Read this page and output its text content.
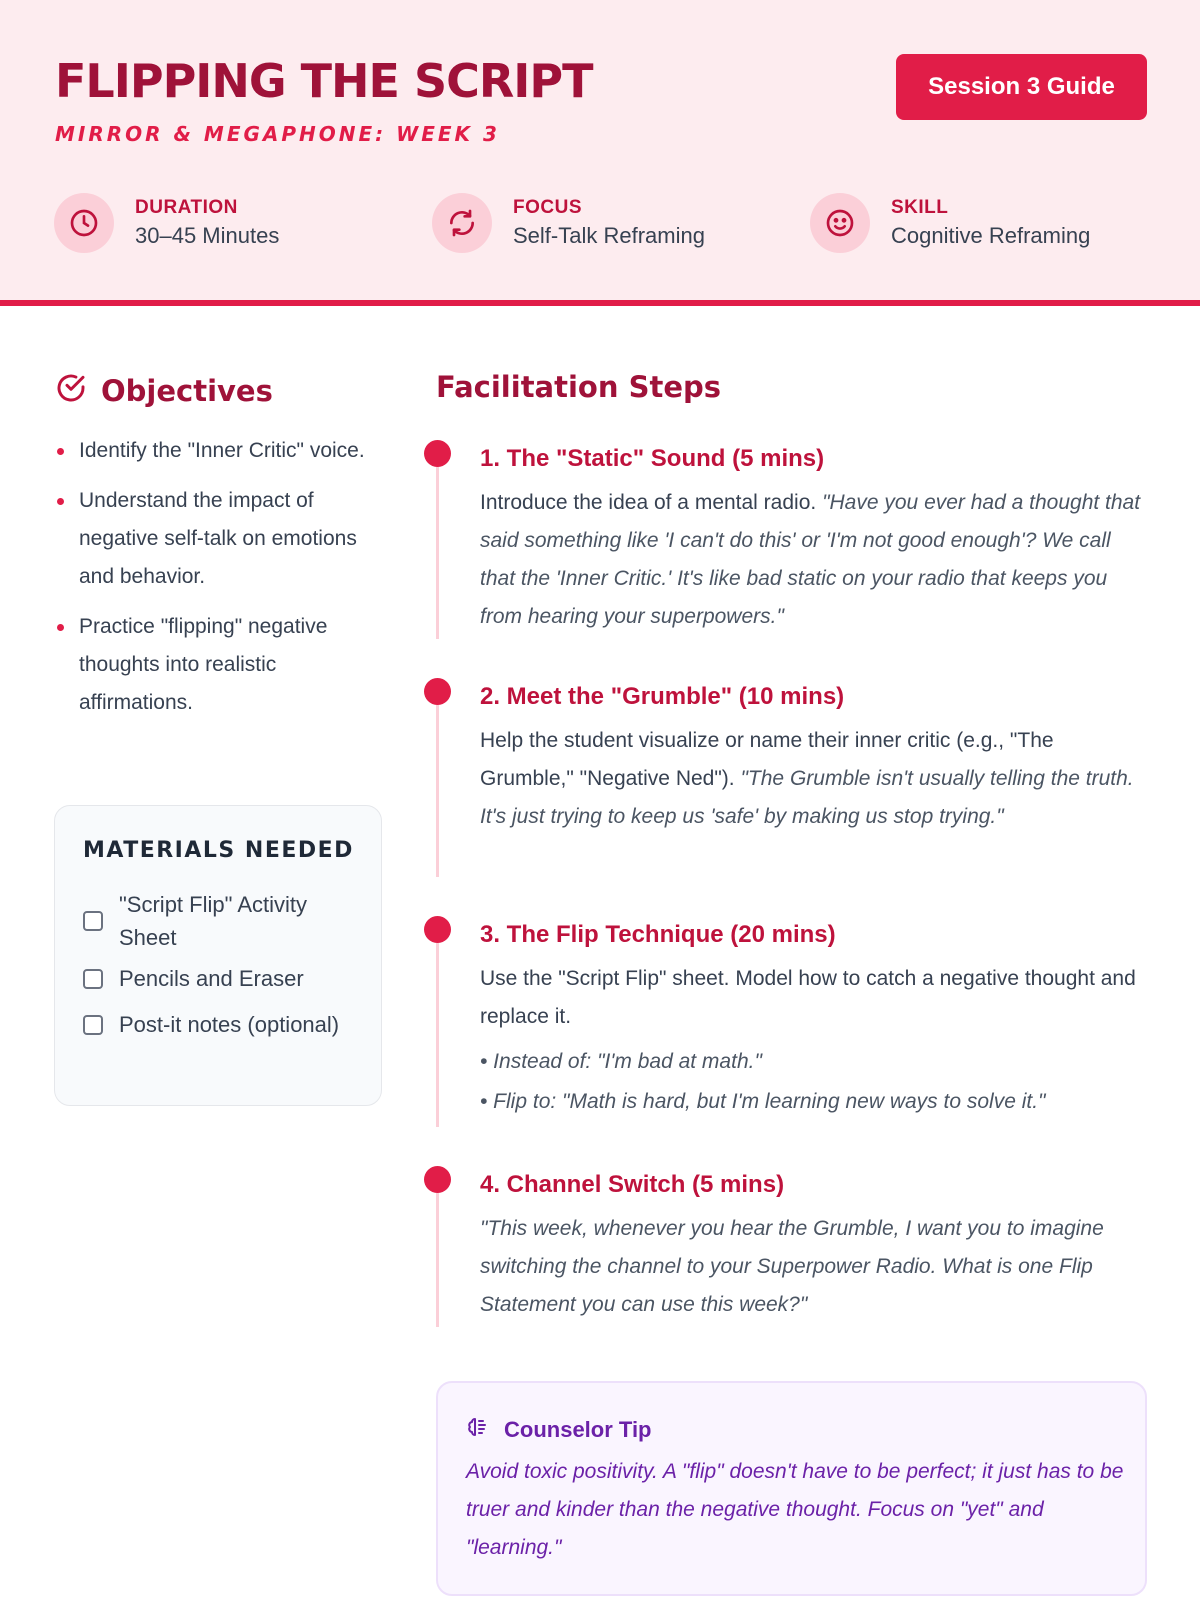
FLIPPING THE SCRIPT
MIRROR & MEGAPHONE: WEEK 3
Session 3 Guide
DURATION
30–45 Minutes
FOCUS
Self-Talk Reframing
SKILL
Cognitive Reframing
Objectives
Identify the "Inner Critic" voice.
Understand the impact of negative self-talk on emotions and behavior.
Practice "flipping" negative thoughts into realistic affirmations.
MATERIALS NEEDED
"Script Flip" Activity Sheet
Pencils and Eraser
Post-it notes (optional)
Facilitation Steps
1. The "Static" Sound (5 mins)

Introduce the idea of a mental radio. "Have you ever had a thought that said something like 'I can't do this' or 'I'm not good enough'? We call that the 'Inner Critic.' It's like bad static on your radio that keeps you from hearing your superpowers."

2. Meet the "Grumble" (10 mins)

Help the student visualize or name their inner critic (e.g., "The Grumble," "Negative Ned"). "The Grumble isn't usually telling the truth. It's just trying to keep us 'safe' by making us stop trying."

3. The Flip Technique (20 mins)

Use the "Script Flip" sheet. Model how to catch a negative thought and replace it.

• Instead of: "I'm bad at math."
• Flip to: "Math is hard, but I'm learning new ways to solve it."
4. Channel Switch (5 mins)

"This week, whenever you hear the Grumble, I want you to imagine switching the channel to your Superpower Radio. What is one Flip Statement you can use this week?"

Counselor Tip

Avoid toxic positivity. A "flip" doesn't have to be perfect; it just has to be truer and kinder than the negative thought. Focus on "yet" and "learning."
